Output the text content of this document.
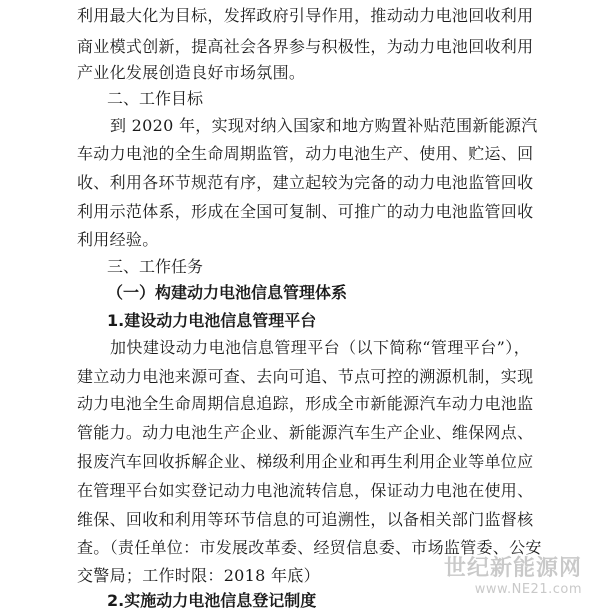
利用最大化为目标，发挥政府引导作用，推动动力电池回收利用
商业模式创新，提高社会各界参与积极性，为动力电池回收利用
产业化发展创造良好市场氛围。
二、工作目标
到 2020 年，实现对纳入国家和地方购置补贴范围新能源汽
车动力电池的全生命周期监管，动力电池生产、使用、贮运、回
收、利用各环节规范有序，建立起较为完备的动力电池监管回收
利用示范体系，形成在全国可复制、可推广的动力电池监管回收
利用经验。
三、工作任务
（一）构建动力电池信息管理体系
1.建设动力电池信息管理平台
加快建设动力电池信息管理平台（以下简称“管理平台”），
建立动力电池来源可查、去向可追、节点可控的溯源机制，实现
动力电池全生命周期信息追踪，形成全市新能源汽车动力电池监
管能力。动力电池生产企业、新能源汽车生产企业、维保网点、
报废汽车回收拆解企业、梯级利用企业和再生利用企业等单位应
在管理平台如实登记动力电池流转信息，保证动力电池在使用、
维保、回收和利用等环节信息的可追溯性，以备相关部门监督核
查。（责任单位：市发展改革委、经贸信息委、市场监管委、公安
交警局；工作时限：2018 年底）
2.实施动力电池信息登记制度
世纪新能源网
www.NE21.com
